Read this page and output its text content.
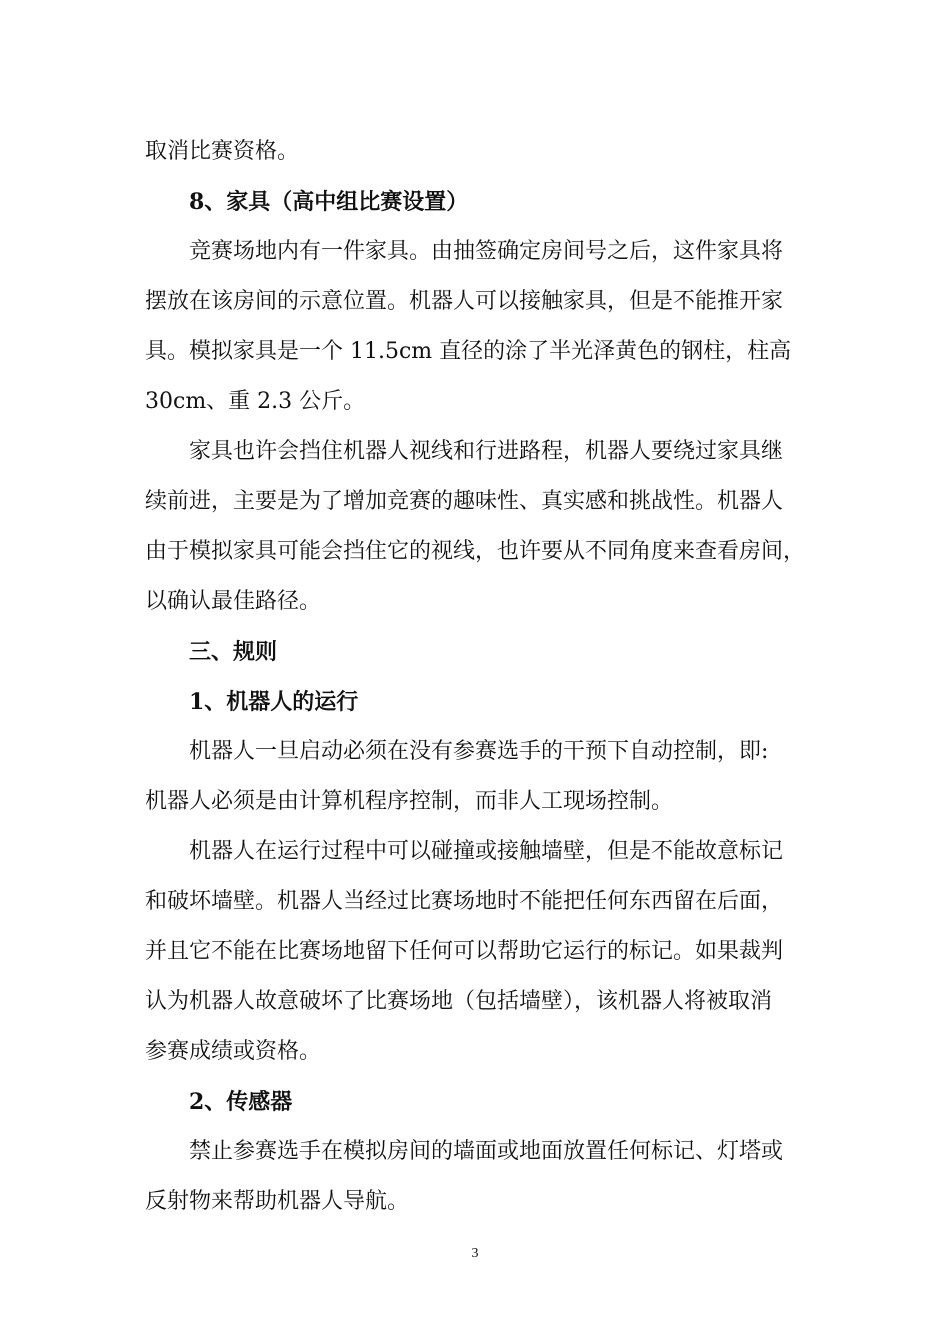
取消比赛资格。
8、家具（高中组比赛设置）
竞赛场地内有一件家具。由抽签确定房间号之后，这件家具将
摆放在该房间的示意位置。机器人可以接触家具，但是不能推开家
具。模拟家具是一个 11.5cm 直径的涂了半光泽黄色的钢柱，柱高
30cm、重 2.3 公斤。
家具也许会挡住机器人视线和行进路程，机器人要绕过家具继
续前进，主要是为了增加竞赛的趣味性、真实感和挑战性。机器人
由于模拟家具可能会挡住它的视线，也许要从不同角度来查看房间，
以确认最佳路径。
三、规则
1、机器人的运行
机器人一旦启动必须在没有参赛选手的干预下自动控制，即:
机器人必须是由计算机程序控制，而非人工现场控制。
机器人在运行过程中可以碰撞或接触墙壁，但是不能故意标记
和破坏墙壁。机器人当经过比赛场地时不能把任何东西留在后面，
并且它不能在比赛场地留下任何可以帮助它运行的标记。如果裁判
认为机器人故意破坏了比赛场地（包括墙壁），该机器人将被取消
参赛成绩或资格。
2、传感器
禁止参赛选手在模拟房间的墙面或地面放置任何标记、灯塔或
反射物来帮助机器人导航。
3
